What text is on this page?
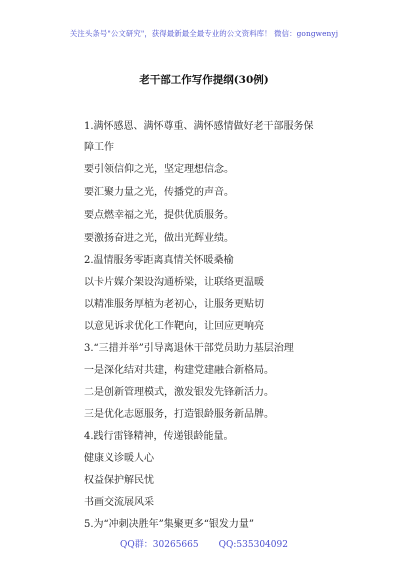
关注头条号"公文研究"，获得最新最全最专业的公文资料库！ 微信：gongwenyj
老干部工作写作提纲(30例)
1.满怀感恩、满怀尊重、满怀感情做好老干部服务保
障工作
要引领信仰之光，坚定理想信念。
要汇聚力量之光，传播党的声音。
要点燃幸福之光，提供优质服务。
要激扬奋进之光，做出光辉业绩。
2.温情服务零距离真情关怀暖桑榆
以卡片媒介架设沟通桥梁，让联络更温暖
以精准服务厚植为老初心，让服务更贴切
以意见诉求优化工作靶向，让回应更响亮
3.“三措并举”引导离退休干部党员助力基层治理
一是深化结对共建，构建党建融合新格局。
二是创新管理模式，激发银发先锋新活力。
三是优化志愿服务，打造银龄服务新品牌。
4.践行雷锋精神，传递银龄能量。
健康义诊暖人心
权益保护解民忧
书画交流展风采
5.为“冲刺决胜年”集聚更多“银发力量”
QQ群：30265665 QQ:535304092
